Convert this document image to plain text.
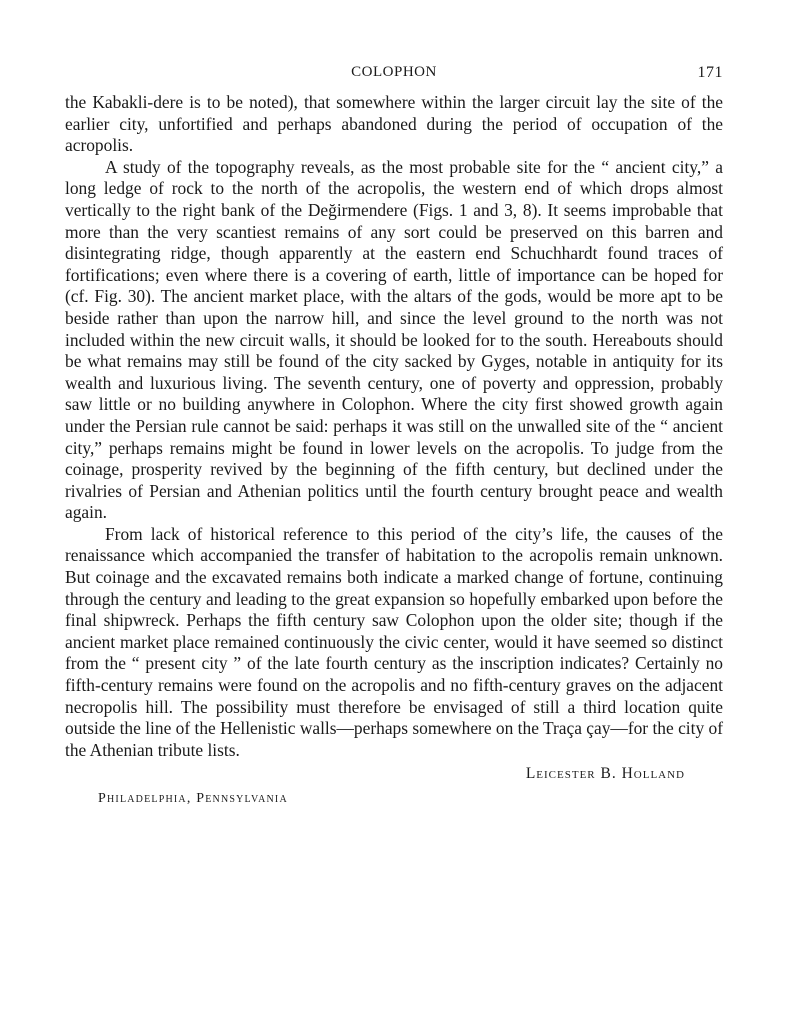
COLOPHON	171

the Kabakli-dere is to be noted), that somewhere within the larger circuit lay the site of the earlier city, unfortified and perhaps abandoned during the period of occupation of the acropolis.

A study of the topography reveals, as the most probable site for the “ ancient city,” a long ledge of rock to the north of the acropolis, the western end of which drops almost vertically to the right bank of the Değirmendere (Figs. 1 and 3, 8). It seems improbable that more than the very scantiest remains of any sort could be preserved on this barren and disintegrating ridge, though apparently at the eastern end Schuchhardt found traces of fortifications; even where there is a covering of earth, little of importance can be hoped for (cf. Fig. 30). The ancient market place, with the altars of the gods, would be more apt to be beside rather than upon the narrow hill, and since the level ground to the north was not included within the new circuit walls, it should be looked for to the south. Hereabouts should be what remains may still be found of the city sacked by Gyges, notable in antiquity for its wealth and luxurious living. The seventh century, one of poverty and oppression, probably saw little or no building anywhere in Colophon. Where the city first showed growth again under the Persian rule cannot be said: perhaps it was still on the unwalled site of the “ ancient city,” perhaps remains might be found in lower levels on the acropolis. To judge from the coinage, prosperity revived by the beginning of the fifth century, but declined under the rivalries of Persian and Athenian politics until the fourth century brought peace and wealth again.

From lack of historical reference to this period of the city’s life, the causes of the renaissance which accompanied the transfer of habitation to the acropolis remain unknown. But coinage and the excavated remains both indicate a marked change of fortune, continuing through the century and leading to the great expansion so hopefully embarked upon before the final shipwreck. Perhaps the fifth century saw Colophon upon the older site; though if the ancient market place remained continuously the civic center, would it have seemed so distinct from the “ present city ” of the late fourth century as the inscription indicates? Certainly no fifth-century remains were found on the acropolis and no fifth-century graves on the adjacent necropolis hill. The possibility must therefore be envisaged of still a third location quite outside the line of the Hellenistic walls—perhaps somewhere on the Traça çay—for the city of the Athenian tribute lists.

Leicester B. Holland
Philadelphia, Pennsylvania
